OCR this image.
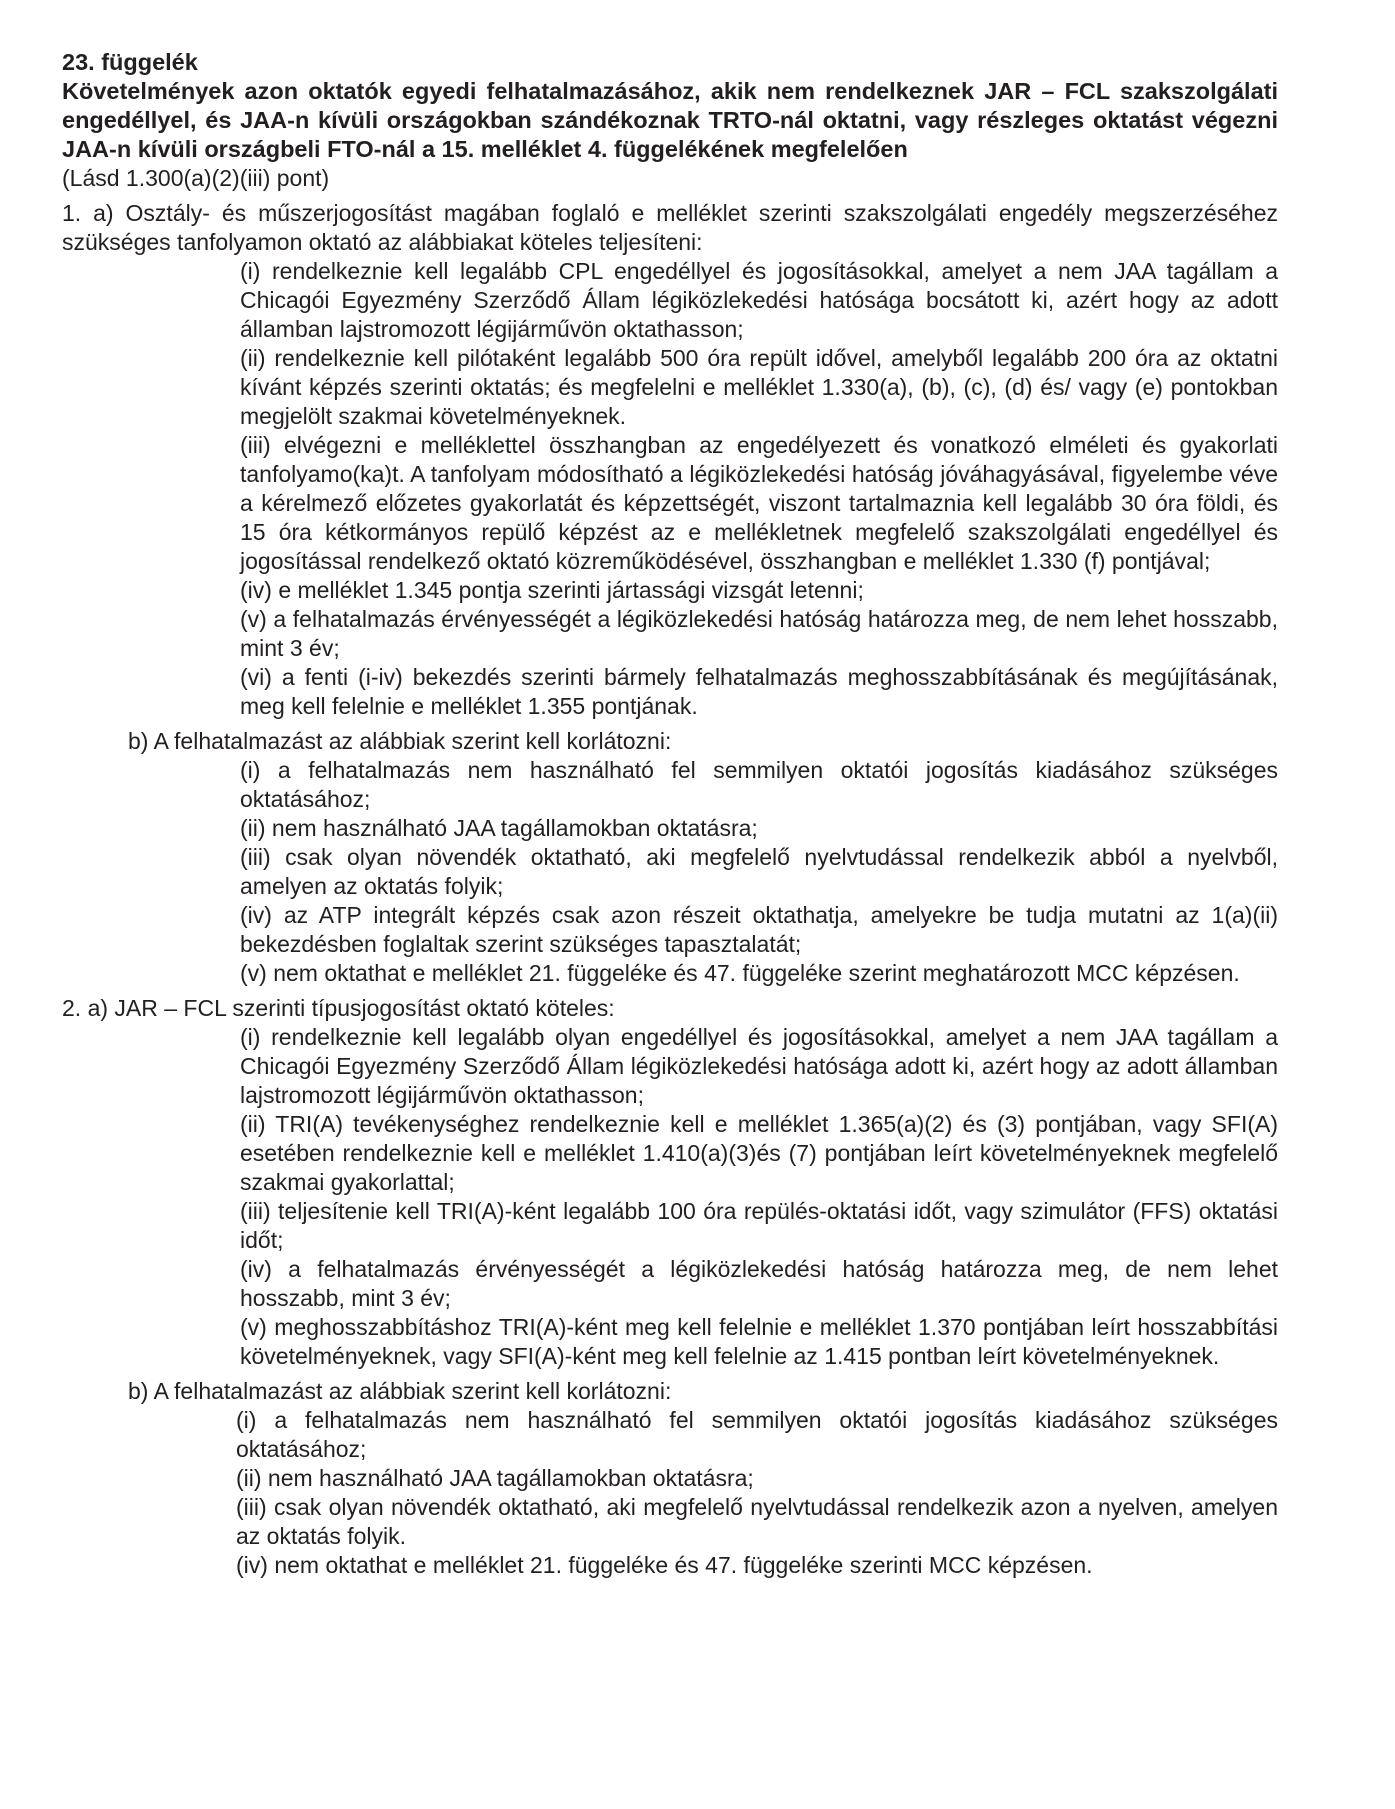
23. függelék
Követelmények azon oktatók egyedi felhatalmazásához, akik nem rendelkeznek JAR – FCL szakszolgálati engedéllyel, és JAA-n kívüli országokban szándékoznak TRTO-nál oktatni, vagy részleges oktatást végezni JAA-n kívüli országbeli FTO-nál a 15. melléklet 4. függelékének megfelelően
(Lásd 1.300(a)(2)(iii) pont)

1. a) Osztály- és műszerjogosítást magában foglaló e melléklet szerinti szakszolgálati engedély megszerzéséhez szükséges tanfolyamon oktató az alábbiakat köteles teljesíteni:

(i) rendelkeznie kell legalább CPL engedéllyel és jogosításokkal, amelyet a nem JAA tagállam a Chicagói Egyezmény Szerződő Állam légiközlekedési hatósága bocsátott ki, azért hogy az adott államban lajstromozott légijárművön oktathasson;

(ii) rendelkeznie kell pilótaként legalább 500 óra repült idővel, amelyből legalább 200 óra az oktatni kívánt képzés szerinti oktatás; és megfelelni e melléklet 1.330(a), (b), (c), (d) és/ vagy (e) pontokban megjelölt szakmai követelményeknek.

(iii) elvégezni e melléklettel összhangban az engedélyezett és vonatkozó elméleti és gyakorlati tanfolyamo(ka)t. A tanfolyam módosítható a légiközlekedési hatóság jóváhagyásával, figyelembe véve a kérelmező előzetes gyakorlatát és képzettségét, viszont tartalmaznia kell legalább 30 óra földi, és 15 óra kétkormányos repülő képzést az e mellékletnek megfelelő szakszolgálati engedéllyel és jogosítással rendelkező oktató közreműködésével, összhangban e melléklet 1.330 (f) pontjával;

(iv) e melléklet 1.345 pontja szerinti jártassági vizsgát letenni;

(v) a felhatalmazás érvényességét a légiközlekedési hatóság határozza meg, de nem lehet hosszabb, mint 3 év;

(vi) a fenti (i-iv) bekezdés szerinti bármely felhatalmazás meghosszabbításának és megújításának, meg kell felelnie e melléklet 1.355 pontjának.

b) A felhatalmazást az alábbiak szerint kell korlátozni:

(i) a felhatalmazás nem használható fel semmilyen oktatói jogosítás kiadásához szükséges oktatásához;

(ii) nem használható JAA tagállamokban oktatásra;

(iii) csak olyan növendék oktatható, aki megfelelő nyelvtudással rendelkezik abból a nyelvből, amelyen az oktatás folyik;

(iv) az ATP integrált képzés csak azon részeit oktathatja, amelyekre be tudja mutatni az 1(a)(ii) bekezdésben foglaltak szerint szükséges tapasztalatát;

(v) nem oktathat e melléklet 21. függeléke és 47. függeléke szerint meghatározott MCC képzésen.

2. a) JAR – FCL szerinti típusjogosítást oktató köteles:

(i) rendelkeznie kell legalább olyan engedéllyel és jogosításokkal, amelyet a nem JAA tagállam a Chicagói Egyezmény Szerződő Állam légiközlekedési hatósága adott ki, azért hogy az adott államban lajstromozott légijárművön oktathasson;

(ii) TRI(A) tevékenységhez rendelkeznie kell e melléklet 1.365(a)(2) és (3) pontjában, vagy SFI(A) esetében rendelkeznie kell e melléklet 1.410(a)(3)és (7) pontjában leírt követelményeknek megfelelő szakmai gyakorlattal;

(iii) teljesítenie kell TRI(A)-ként legalább 100 óra repülés-oktatási időt, vagy szimulátor (FFS) oktatási időt;

(iv) a felhatalmazás érvényességét a légiközlekedési hatóság határozza meg, de nem lehet hosszabb, mint 3 év;

(v) meghosszabbításhoz TRI(A)-ként meg kell felelnie e melléklet 1.370 pontjában leírt hosszabbítási követelményeknek, vagy SFI(A)-ként meg kell felelnie az 1.415 pontban leírt követelményeknek.

b) A felhatalmazást az alábbiak szerint kell korlátozni:

(i) a felhatalmazás nem használható fel semmilyen oktatói jogosítás kiadásához szükséges oktatásához;

(ii) nem használható JAA tagállamokban oktatásra;

(iii) csak olyan növendék oktatható, aki megfelelő nyelvtudással rendelkezik azon a nyelven, amelyen az oktatás folyik.

(iv) nem oktathat e melléklet 21. függeléke és 47. függeléke szerinti MCC képzésen.
